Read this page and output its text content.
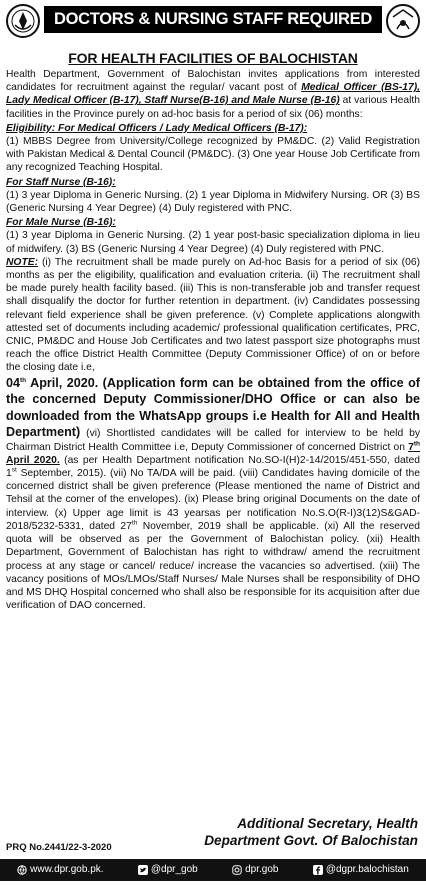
DOCTORS & NURSING STAFF REQUIRED
FOR HEALTH FACILITIES OF BALOCHISTAN
♦

Health Department, Government of Balochistan invites applications from interested candidates for recruitment against the regular/ vacant post of Medical Officer (BS-17), Lady Medical Officer (B-17), Staff Nurse(B-16) and Male Nurse (B-16) at various Health facilities in the Province purely on ad-hoc basis for a period of six (06) months:

Eligibility: For Medical Officers / Lady Medical Officers (B-17):

(1) MBBS Degree from University/College recognized by PM&DC. (2) Valid Registration with Pakistan Medical & Dental Council (PM&DC). (3) One year House Job Certificate from any recognized Teaching Hospital.

For Staff Nurse (B-16):

(1) 3 year Diploma in Generic Nursing. (2) 1 year Diploma in Midwifery Nursing. OR (3) BS (Generic Nursing 4 Year Degree) (4) Duly registered with PNC.

For Male Nurse (B-16):

(1) 3 year Diploma in Generic Nursing. (2) 1 year post-basic specialization diploma in lieu of midwifery. (3) BS (Generic Nursing 4 Year Degree) (4) Duly registered with PNC.

NOTE: (i) The recruitment shall be made purely on Ad-hoc Basis for a period of six (06) months as per the eligibility, qualification and evaluation criteria. (ii) The recruitment shall be made purely health facility based. (iii) This is non-transferable job and transfer request shall disqualify the doctor for further retention in department. (iv) Candidates possessing relevant field experience shall be given preference. (v) Complete applications alongwith attested set of documents including academic/ professional qualification certificates, PRC, CNIC, PM&DC and House Job Certificates and two latest passport size photographs must reach the office District Health Committee (Deputy Commissioner Office) of on or before the closing date i.e,
04th April, 2020. (Application form can be obtained from the office of the concerned Deputy Commissioner/DHO Office or can also be downloaded from the WhatsApp groups i.e Health for All and Health Department) (vi) Shortlisted candidates will be called for interview to be held by Chairman District Health Committee i.e, Deputy Commissioner of concerned District on 7th April 2020. (as per Health Department notification No.SO-I(H)2-14/2015/451-550, dated 1st September, 2015). (vii) No TA/DA will be paid. (viii) Candidates having domicile of the concerned district shall be given preference (Please mentioned the name of District and Tehsil at the corner of the envelopes). (ix) Please bring original Documents on the date of interview. (x) Upper age limit is 43 yearsas per notification No.S.O(R-I)3(12)S&GAD-2018/5232-5331, dated 27th November, 2019 shall be applicable. (xi) All the reserved quota will be observed as per the Government of Balochistan policy. (xii) Health Department, Government of Balochistan has right to withdraw/ amend the recruitment process at any stage or cancel/ reduce/ increase the vacancies so advertised. (xiii) The vacancy positions of MOs/LMOs/Staff Nurses/ Male Nurses shall be responsibility of DHO and MS DHQ Hospital concerned who shall also be responsible for its acquisition after due verification of DAO concerned.

Additional Secretary, Health
Department Govt. Of Balochistan
PRQ No.2441/22-3-2020
www.dpr.gob.pk.	@dpr_gob	dpr.gob	@dgpr.balochistan
